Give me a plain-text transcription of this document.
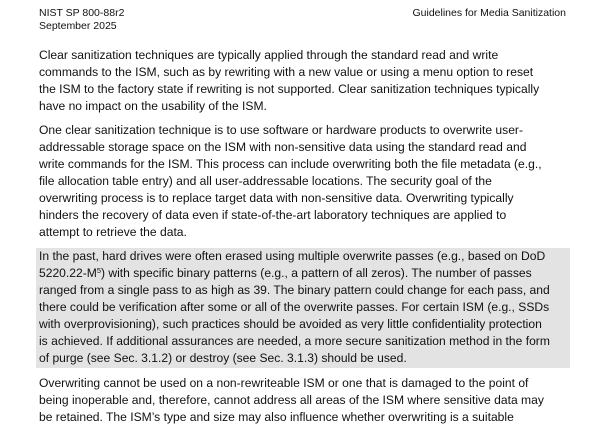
NIST SP 800-88r2
September 2025
Guidelines for Media Sanitization

Clear sanitization techniques are typically applied through the standard read and write
commands to the ISM, such as by rewriting with a new value or using a menu option to reset
the ISM to the factory state if rewriting is not supported. Clear sanitization techniques typically
have no impact on the usability of the ISM.

One clear sanitization technique is to use software or hardware products to overwrite user-
addressable storage space on the ISM with non-sensitive data using the standard read and
write commands for the ISM. This process can include overwriting both the file metadata (e.g.,
file allocation table entry) and all user-addressable locations. The security goal of the
overwriting process is to replace target data with non-sensitive data. Overwriting typically
hinders the recovery of data even if state-of-the-art laboratory techniques are applied to
attempt to retrieve the data.

In the past, hard drives were often erased using multiple overwrite passes (e.g., based on DoD
5220.22-M$^5$) with specific binary patterns (e.g., a pattern of all zeros). The number of passes
ranged from a single pass to as high as 39. The binary pattern could change for each pass, and
there could be verification after some or all of the overwrite passes. For certain ISM (e.g., SSDs
with overprovisioning), such practices should be avoided as very little confidentiality protection
is achieved. If additional assurances are needed, a more secure sanitization method in the form
of purge (see Sec. 3.1.2) or destroy (see Sec. 3.1.3) should be used.

Overwriting cannot be used on a non-rewriteable ISM or one that is damaged to the point of
being inoperable and, therefore, cannot address all areas of the ISM where sensitive data may
be retained. The ISM’s type and size may also influence whether overwriting is a suitable
